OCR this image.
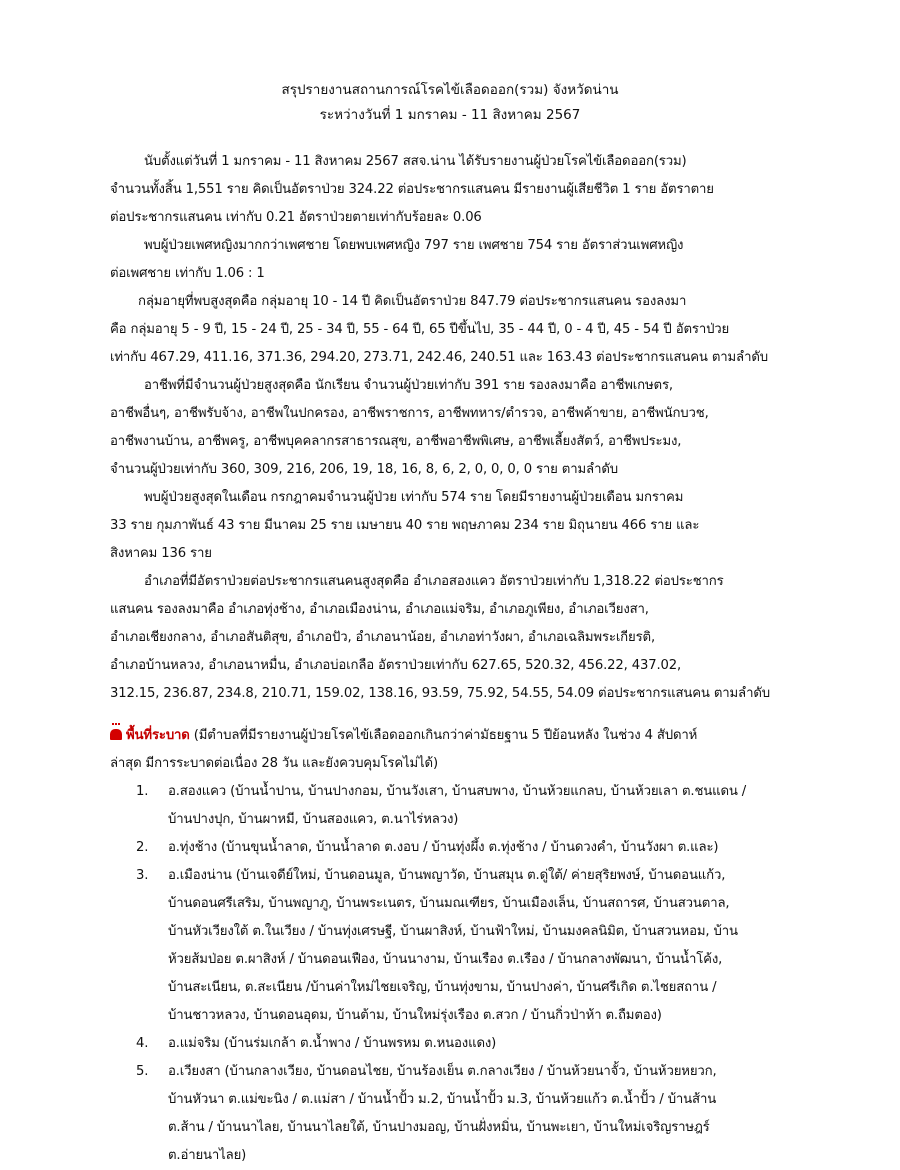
สรุปรายงานสถานการณ์โรคไข้เลือดออก(รวม) จังหวัดน่าน
ระหว่างวันที่ 1 มกราคม - 11 สิงหาคม 2567
นับตั้งแต่วันที่ 1 มกราคม - 11 สิงหาคม 2567 สสจ.น่าน ได้รับรายงานผู้ป่วยโรคไข้เลือดออก(รวม)
จำนวนทั้งสิ้น 1,551 ราย คิดเป็นอัตราป่วย 324.22 ต่อประชากรแสนคน มีรายงานผู้เสียชีวิต 1 ราย อัตราตาย
ต่อประชากรแสนคน เท่ากับ 0.21 อัตราป่วยตายเท่ากับร้อยละ 0.06
พบผู้ป่วยเพศหญิงมากกว่าเพศชาย โดยพบเพศหญิง 797 ราย เพศชาย 754 ราย อัตราส่วนเพศหญิง
ต่อเพศชาย เท่ากับ 1.06 : 1
กลุ่มอายุที่พบสูงสุดคือ กลุ่มอายุ 10 - 14 ปี คิดเป็นอัตราป่วย 847.79 ต่อประชากรแสนคน รองลงมา
คือ กลุ่มอายุ 5 - 9 ปี, 15 - 24 ปี, 25 - 34 ปี, 55 - 64 ปี, 65 ปีขึ้นไป, 35 - 44 ปี, 0 - 4 ปี, 45 - 54 ปี อัตราป่วย
เท่ากับ 467.29, 411.16, 371.36, 294.20, 273.71, 242.46, 240.51 และ 163.43 ต่อประชากรแสนคน ตามลำดับ
อาชีพที่มีจำนวนผู้ป่วยสูงสุดคือ นักเรียน จำนวนผู้ป่วยเท่ากับ 391 ราย รองลงมาคือ อาชีพเกษตร,
อาชีพอื่นๆ, อาชีพรับจ้าง, อาชีพในปกครอง, อาชีพราชการ, อาชีพทหาร/ตำรวจ, อาชีพค้าขาย, อาชีพนักบวช,
อาชีพงานบ้าน, อาชีพครู, อาชีพบุคคลากรสาธารณสุข, อาชีพอาชีพพิเศษ, อาชีพเลี้ยงสัตว์, อาชีพประมง,
จำนวนผู้ป่วยเท่ากับ 360, 309, 216, 206, 19, 18, 16, 8, 6, 2, 0, 0, 0, 0 ราย ตามลำดับ
พบผู้ป่วยสูงสุดในเดือน กรกฎาคมจำนวนผู้ป่วย เท่ากับ 574 ราย โดยมีรายงานผู้ป่วยเดือน มกราคม
33 ราย กุมภาพันธ์ 43 ราย มีนาคม 25 ราย เมษายน 40 ราย พฤษภาคม 234 ราย มิถุนายน 466 ราย และ
สิงหาคม 136 ราย
อำเภอที่มีอัตราป่วยต่อประชากรแสนคนสูงสุดคือ อำเภอสองแคว อัตราป่วยเท่ากับ 1,318.22 ต่อประชากร
แสนคน รองลงมาคือ อำเภอทุ่งช้าง, อำเภอเมืองน่าน, อำเภอแม่จริม, อำเภอภูเพียง, อำเภอเวียงสา,
อำเภอเชียงกลาง, อำเภอสันติสุข, อำเภอปัว, อำเภอนาน้อย, อำเภอท่าวังผา, อำเภอเฉลิมพระเกียรติ,
อำเภอบ้านหลวง, อำเภอนาหมื่น, อำเภอบ่อเกลือ อัตราป่วยเท่ากับ 627.65, 520.32, 456.22, 437.02,
312.15, 236.87, 234.8, 210.71, 159.02, 138.16, 93.59, 75.92, 54.55, 54.09 ต่อประชากรแสนคน ตามลำดับ
พื้นที่ระบาด (มีตำบลที่มีรายงานผู้ป่วยโรคไข้เลือดออกเกินกว่าค่ามัธยฐาน 5 ปีย้อนหลัง ในช่วง 4 สัปดาห์
ล่าสุด มีการระบาดต่อเนื่อง 28 วัน และยังควบคุมโรคไม่ได้)
1. อ.สองแคว (บ้านน้ำปาน, บ้านปางกอม, บ้านวังเสา, บ้านสบพาง, บ้านห้วยแกลบ, บ้านห้วยเลา ต.ชนแดน /
บ้านปางปุก, บ้านผาหมี, บ้านสองแคว, ต.นาไร่หลวง)
2. อ.ทุ่งช้าง (บ้านขุนน้ำลาด, บ้านน้ำลาด ต.งอบ / บ้านทุ่งผึ้ง ต.ทุ่งช้าง / บ้านดวงคำ, บ้านวังผา ต.และ)
3. อ.เมืองน่าน (บ้านเจดีย์ใหม่, บ้านดอนมูล, บ้านพญาวัด, บ้านสมุน ต.ดู่ใต้/ ค่ายสุริยพงษ์, บ้านดอนแก้ว,
บ้านดอนศรีเสริม, บ้านพญาภู, บ้านพระเนตร, บ้านมณเฑียร, บ้านเมืองเล็น, บ้านสถารศ, บ้านสวนตาล,
บ้านหัวเวียงใต้ ต.ในเวียง / บ้านทุ่งเศรษฐี, บ้านผาสิงห์, บ้านฟ้าใหม่, บ้านมงคลนิมิต, บ้านสวนหอม, บ้าน
ห้วยส้มป่อย ต.ผาสิงห์ / บ้านดอนเฟือง, บ้านนางาม, บ้านเรือง ต.เรือง / บ้านกลางพัฒนา, บ้านน้ำโค้ง,
บ้านสะเนียน, ต.สะเนียน /บ้านค่าใหม่ไชยเจริญ, บ้านทุ่งขาม, บ้านปางค่า, บ้านศรีเกิด ต.ไชยสถาน /
บ้านชาวหลวง, บ้านดอนอุดม, บ้านต้าม, บ้านใหม่รุ่งเรือง ต.สวก / บ้านกิ่วป่าห้า ต.ถืมตอง)
4. อ.แม่จริม (บ้านร่มเกล้า ต.น้ำพาง / บ้านพรหม ต.หนองแดง)
5. อ.เวียงสา (บ้านกลางเวียง, บ้านดอนไชย, บ้านร้องเย็น ต.กลางเวียง / บ้านห้วยนาจั้ว, บ้านห้วยหยวก,
บ้านหัวนา ต.แม่ขะนิง / ต.แม่สา / บ้านน้ำปั้ว ม.2, บ้านน้ำปั้ว ม.3, บ้านห้วยแก้ว ต.น้ำปั้ว / บ้านส้าน
ต.ส้าน / บ้านนาไลย, บ้านนาไลยใต้, บ้านปางมอญ, บ้านฝั่งหมิ่น, บ้านพะเยา, บ้านใหม่เจริญราษฎร์
ต.อ่ายนาไลย)
